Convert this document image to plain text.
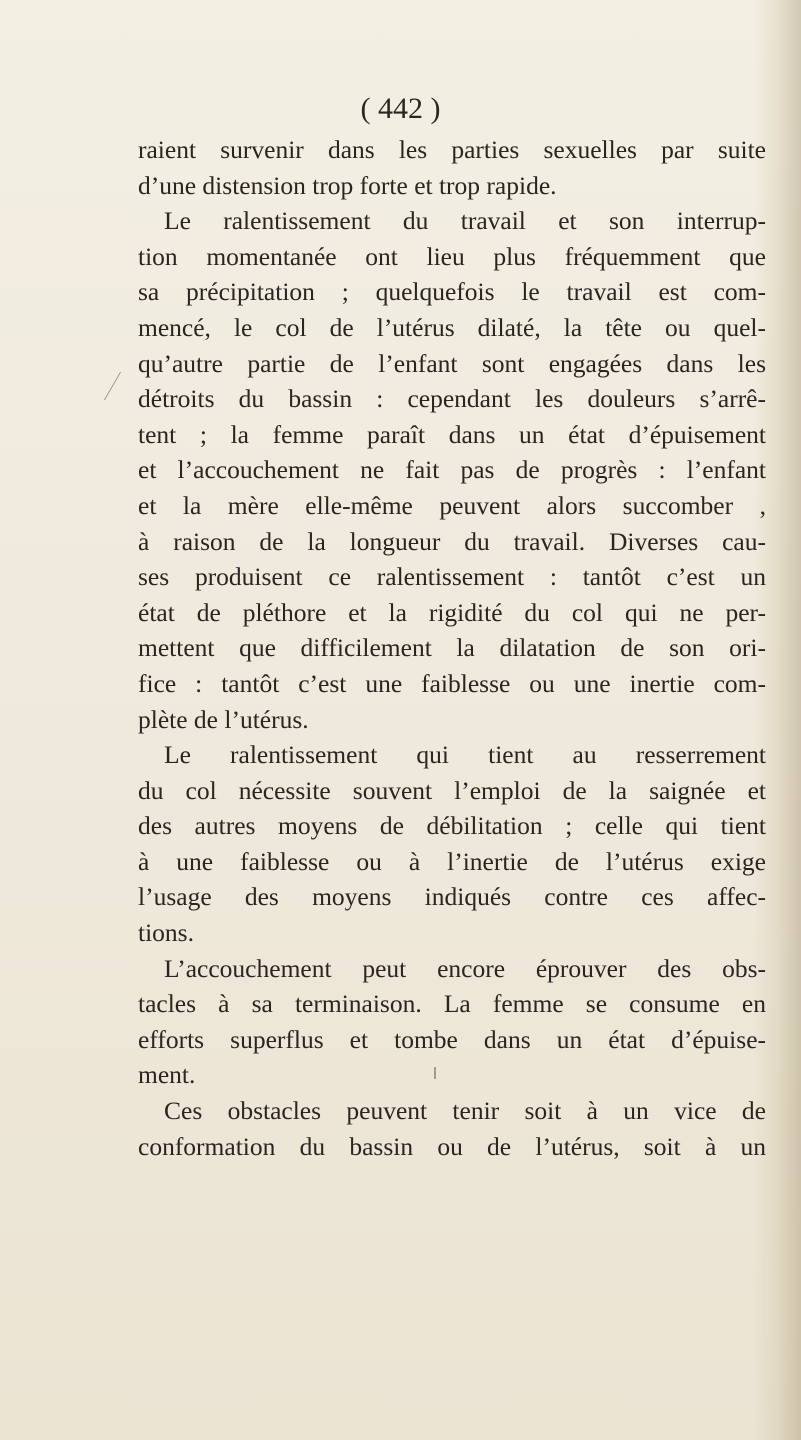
( 442 )
raient survenir dans les parties sexuelles par suite
d’une distension trop forte et trop rapide.
Le ralentissement du travail et son interrup-
tion momentanée ont lieu plus fréquemment que
sa précipitation ; quelquefois le travail est com-
mencé, le col de l’utérus dilaté, la tête ou quel-
qu’autre partie de l’enfant sont engagées dans les
détroits du bassin : cependant les douleurs s’arrê-
tent ; la femme paraît dans un état d’épuisement
et l’accouchement ne fait pas de progrès : l’enfant
et la mère elle-même peuvent alors succomber ,
à raison de la longueur du travail. Diverses cau-
ses produisent ce ralentissement : tantôt c’est un
état de pléthore et la rigidité du col qui ne per-
mettent que difficilement la dilatation de son ori-
fice : tantôt c’est une faiblesse ou une inertie com-
plète de l’utérus.
Le ralentissement qui tient au resserrement
du col nécessite souvent l’emploi de la saignée et
des autres moyens de débilitation ; celle qui tient
à une faiblesse ou à l’inertie de l’utérus exige
l’usage des moyens indiqués contre ces affec-
tions.
L’accouchement peut encore éprouver des obs-
tacles à sa terminaison. La femme se consume en
efforts superflus et tombe dans un état d’épuise-
ment.
Ces obstacles peuvent tenir soit à un vice de
conformation du bassin ou de l’utérus, soit à un
